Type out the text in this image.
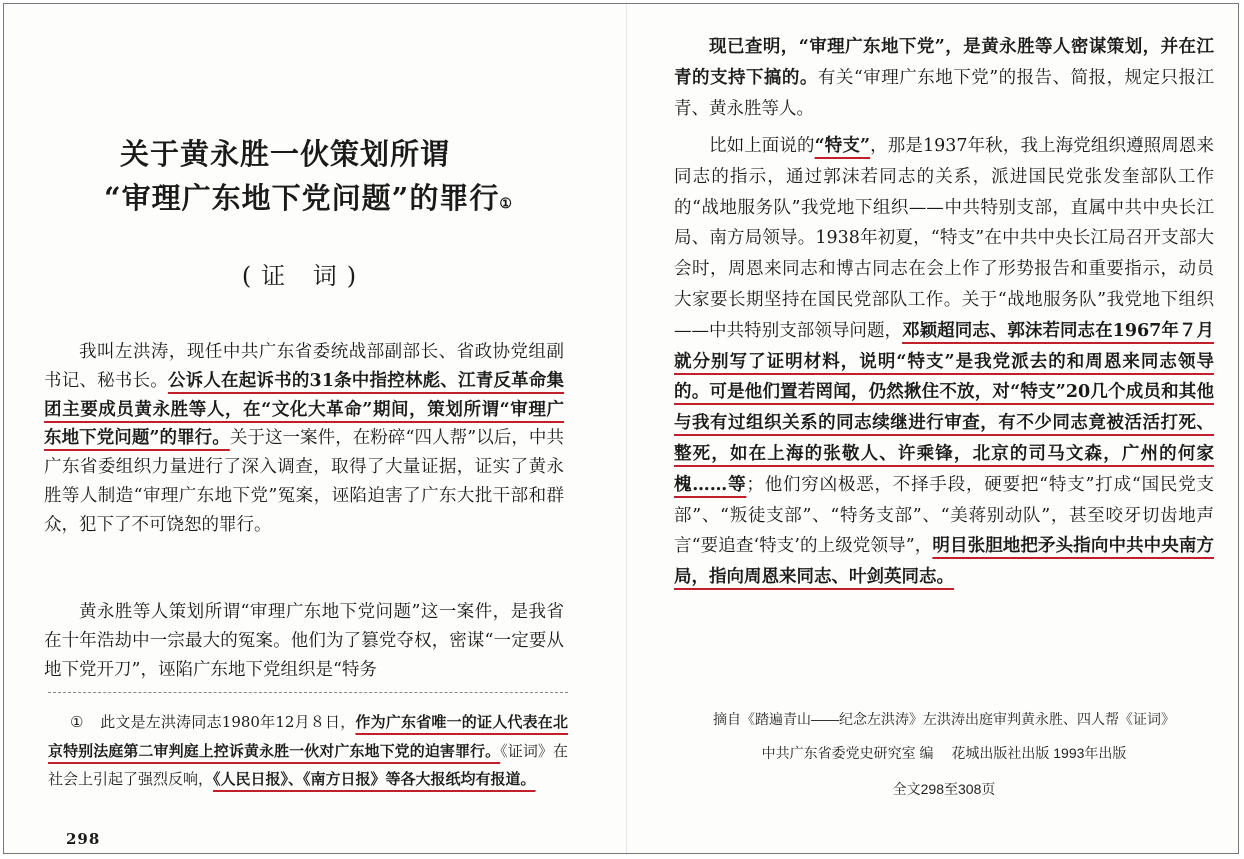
关于黄永胜一伙策划所谓
“审理广东地下党问题”的罪行①
(证 词)

我叫左洪涛，现任中共广东省委统战部副部长、省政协党组副书记、秘书长。公诉人在起诉书的31条中指控林彪、江青反革命集团主要成员黄永胜等人，在“文化大革命”期间，策划所谓“审理广东地下党问题”的罪行。关于这一案件，在粉碎“四人帮”以后，中共广东省委组织力量进行了深入调查，取得了大量证据，证实了黄永胜等人制造“审理广东地下党”冤案，诬陷迫害了广东大批干部和群众，犯下了不可饶恕的罪行。

黄永胜等人策划所谓“审理广东地下党问题”这一案件，是我省在十年浩劫中一宗最大的冤案。他们为了篡党夺权，密谋“一定要从地下党开刀”，诬陷广东地下党组织是“特务

① 此文是左洪涛同志1980年12月８日，作为广东省唯一的证人代表在北京特别法庭第二审判庭上控诉黄永胜一伙对广东地下党的迫害罪行。《证词》在社会上引起了强烈反响，《人民日报》、《南方日报》等各大报纸均有报道。
298

现已查明，“审理广东地下党”，是黄永胜等人密谋策划，并在江青的支持下搞的。有关“审理广东地下党”的报告、简报，规定只报江青、黄永胜等人。

比如上面说的“特支”，那是1937年秋，我上海党组织遵照周恩来同志的指示，通过郭沫若同志的关系，派进国民党张发奎部队工作的“战地服务队”我党地下组织——中共特别支部，直属中共中央长江局、南方局领导。1938年初夏，“特支”在中共中央长江局召开支部大会时，周恩来同志和博古同志在会上作了形势报告和重要指示，动员大家要长期坚持在国民党部队工作。关于“战地服务队”我党地下组织——中共特别支部领导问题，邓颖超同志、郭沫若同志在1967年７月就分别写了证明材料，说明“特支”是我党派去的和周恩来同志领导的。可是他们置若罔闻，仍然揪住不放，对“特支”20几个成员和其他与我有过组织关系的同志续继进行审查，有不少同志竟被活活打死、整死，如在上海的张敬人、许乘锋，北京的司马文森，广州的何家槐……等；他们穷凶极恶，不择手段，硬要把“特支”打成“国民党支部”、“叛徒支部”、“特务支部”、“美蒋别动队”，甚至咬牙切齿地声言“要追查‘特支’的上级党领导”，明目张胆地把矛头指向中共中央南方局，指向周恩来同志、叶剑英同志。

摘自《踏遍青山——纪念左洪涛》左洪涛出庭审判黄永胜、四人帮《证词》
中共广东省委党史研究室 编　 花城出版社出版 1993年出版
全文298至308页
